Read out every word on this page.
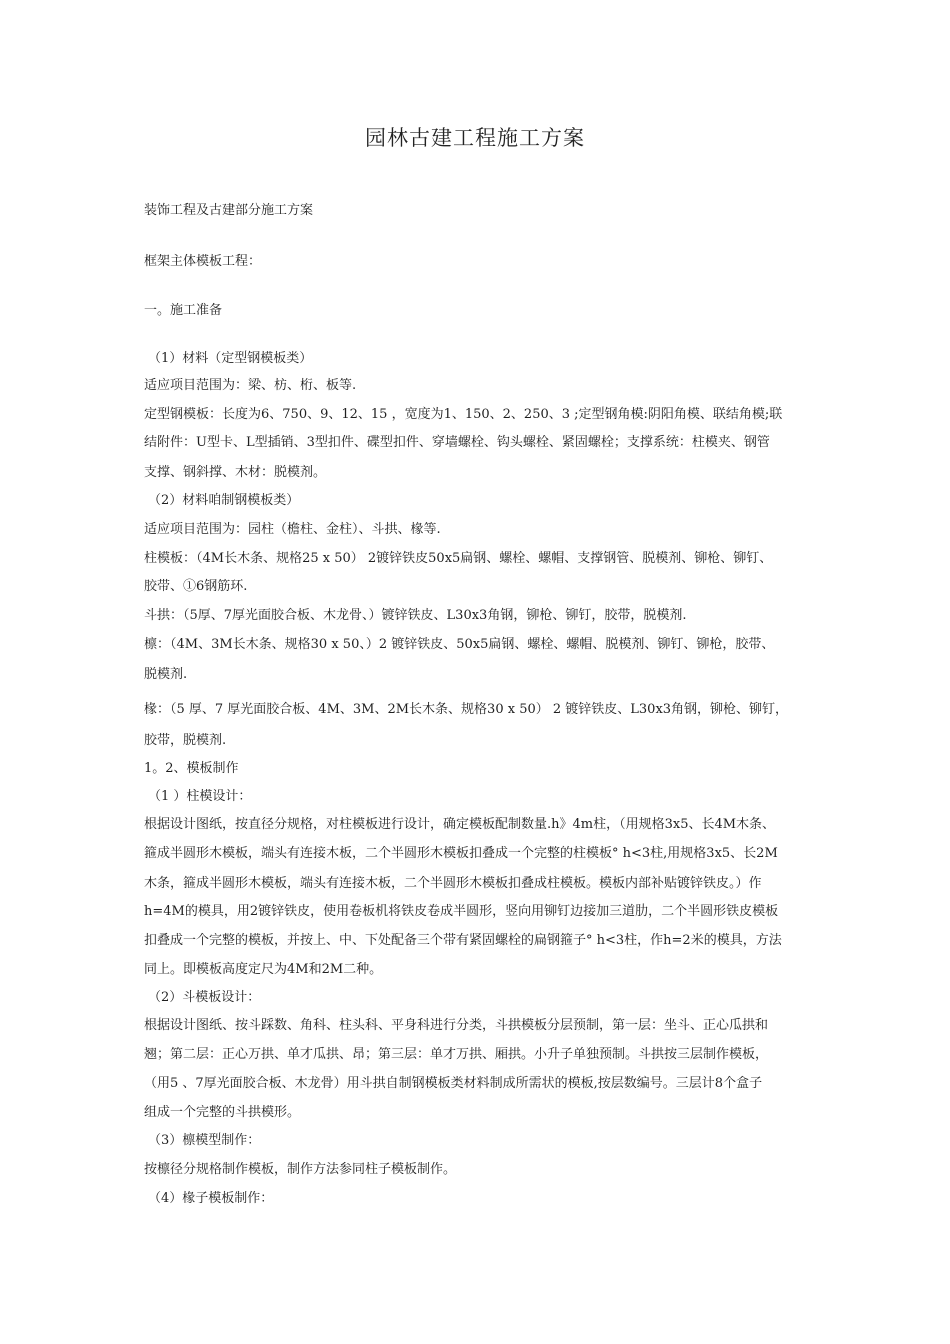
园林古建工程施工方案
装饰工程及古建部分施工方案
框架主体模板工程：
一。施工准备
（1）材料（定型钢模板类）
适应项目范围为：梁、枋、桁、板等.
定型钢模板：长度为6、750、9、12、15 ，宽度为1、150、2、250、3 ;定型钢角模:阴阳角模、联结角模;联
结附件：U型卡、L型插销、3型扣件、碟型扣件、穿墙螺栓、钩头螺栓、紧固螺栓；支撑系统：柱模夹、钢管
支撑、钢斜撑、木材：脱模剂。
（2）材料咱制钢模板类）
适应项目范围为：园柱（檐柱、金柱）、斗拱、椽等.
柱模板：（4M长木条、规格25 x 50） 2镀锌铁皮50x5扁钢、螺栓、螺帽、支撑钢管、脱模剂、铆枪、铆钉、
胶带、①6钢筋环.
斗拱：（5厚、7厚光面胶合板、木龙骨、）镀锌铁皮、L30x3角钢，铆枪、铆钉，胶带，脱模剂.
檩：（4M、3M长木条、规格30 x 50、）2 镀锌铁皮、50x5扁钢、螺栓、螺帽、脱模剂、铆钉、铆枪，胶带、
脱模剂.
椽：（5 厚、7 厚光面胶合板、4M、3M、2M长木条、规格30 x 50） 2 镀锌铁皮、L30x3角钢，铆枪、铆钉，
胶带，脱模剂.
1。2、模板制作
（1 ）柱模设计：
根据设计图纸，按直径分规格，对柱模板进行设计，确定模板配制数量.h》4m柱，（用规格3x5、长4M木条、
箍成半圆形木模板，端头有连接木板，二个半圆形木模板扣叠成一个完整的柱模板° h<3柱,用规格3x5、长2M
木条，箍成半圆形木模板，端头有连接木板，二个半圆形木模板扣叠成柱模板。模板内部补贴镀锌铁皮。）作
h=4M的模具，用2镀锌铁皮，使用卷板机将铁皮卷成半圆形，竖向用铆钉边接加三道肋，二个半圆形铁皮模板
扣叠成一个完整的模板，并按上、中、下处配备三个带有紧固螺栓的扁钢箍子° h<3柱，作h=2米的模具，方法
同上。即模板高度定尺为4M和2M二种。
（2）斗模板设计：
根据设计图纸、按斗踩数、角科、柱头科、平身科进行分类，斗拱模板分层预制，第一层：坐斗、正心瓜拱和
翘；第二层：正心万拱、单才瓜拱、昂；第三层：单才万拱、厢拱。小升子单独预制。斗拱按三层制作模板，
（用5 、7厚光面胶合板、木龙骨）用斗拱自制钢模板类材料制成所需状的模板,按层数编号。三层计8个盒子
组成一个完整的斗拱模形。
（3）檩模型制作：
按檩径分规格制作模板，制作方法参同柱子模板制作。
（4）椽子模板制作：
